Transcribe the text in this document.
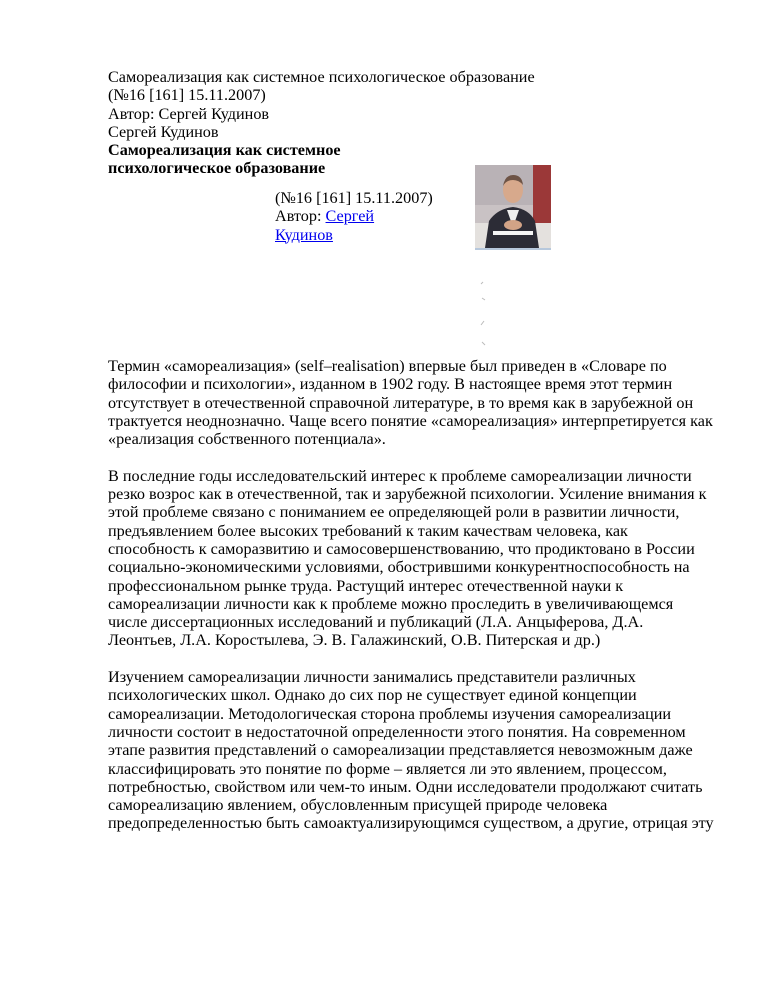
Самореализация как системное психологическое образование

(№16 [161] 15.11.2007)

Автор: Сергей Кудинов

Сергей Кудинов

Самореализация как системное

психологическое образование

(№16 [161] 15.11.2007)

Автор: Сергей

Кудинов

Термин «самореализация» (self–realisation) впервые был приведен в «Словаре по философии и психологии», изданном в 1902 году. В настоящее время этот термин отсутствует в отечественной справочной литературе, в то время как в зарубежной он трактуется неоднозначно. Чаще всего понятие «самореализация» интерпретируется как «реализация собственного потенциала».

В последние годы исследовательский интерес к проблеме самореализации личности резко возрос как в отечественной, так и зарубежной психологии. Усиление внимания к этой проблеме связано с пониманием ее определяющей роли в развитии личности, предъявлением более высоких требований к таким качествам человека, как способность к саморазвитию и самосовершенствованию, что продиктовано в России социально-экономическими условиями, обострившими конкурентноспособность на профессиональном рынке труда. Растущий интерес отечественной науки к самореализации личности как к проблеме можно проследить в увеличивающемся числе диссертационных исследований и публикаций (Л.А. Анцыферова, Д.А. Леонтьев, Л.А. Коростылева, Э. В. Галажинский, О.В. Питерская и др.)

Изучением самореализации личности занимались представители различных психологических школ. Однако до сих пор не существует единой концепции самореализации. Методологическая сторона проблемы изучения самореализации личности состоит в недостаточной определенности этого понятия. На современном этапе развития представлений о самореализации представляется невозможным даже классифицировать это понятие по форме – является ли это явлением, процессом, потребностью, свойством или чем-то иным. Одни исследователи продолжают считать самореализацию явлением, обусловленным присущей природе человека предопределенностью быть самоактуализирующимся существом, а другие, отрицая эту
